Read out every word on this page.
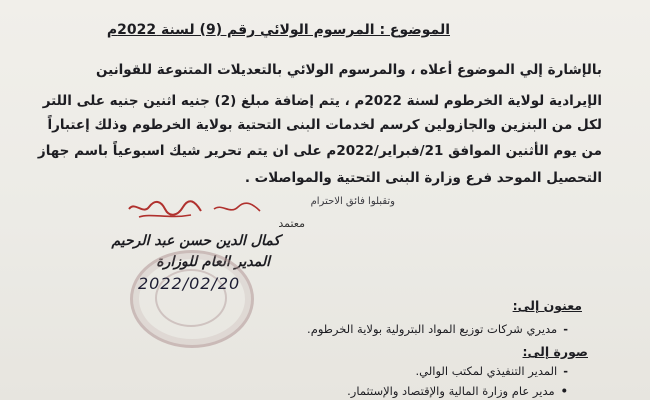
الموضوع : المرسوم الولائي رقم (9) لسنة 2022م
بالإشارة إلي الموضوع أعلاه ، والمرسوم الولائي بالتعديلات المتنوعة للقوانين
الإيرادية لولاية الخرطوم لسنة 2022م ، يتم إضافة مبلغ (2) جنيه اثنين جنيه على اللتر
لكل من البنزين والجازولين كرسم لخدمات البنى التحتية بولاية الخرطوم وذلك إعتباراً
من يوم الأثنين الموافق 21/فبراير/2022م على ان يتم تحرير شيك اسبوعياً باسم جهاز
التحصيل الموحد فرع وزارة البنى التحتية والمواصلات .
وتقبلوا فائق الاحترام
معتمد
كمال الدين حسن عبد الرحيم
المدير العام للوزارة
2022/02/20
معنون إلى:
-مديري شركات توزيع المواد البترولية بولاية الخرطوم.
صورة إلى:
-المدير التنفيذي لمكتب الوالي.
•مدير عام وزارة المالية والإقتصاد والإستثمار.
